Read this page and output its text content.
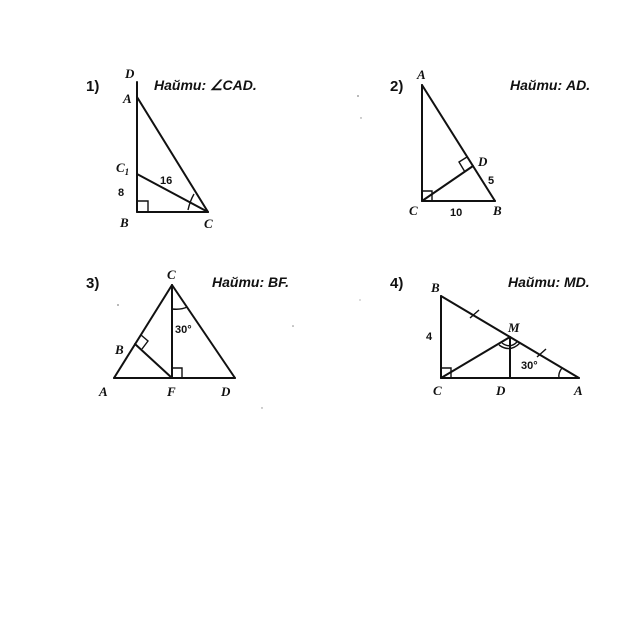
1)	Найти: ∠CAD.
D
A
$C_1$
B	C
8
16
2)	Найти: AD.
A
D
C	B
5
10
3)	Найти: BF.
C
B
A	F	D
30°
4)	Найти: MD.
B
M
C	D	A
4
30°
